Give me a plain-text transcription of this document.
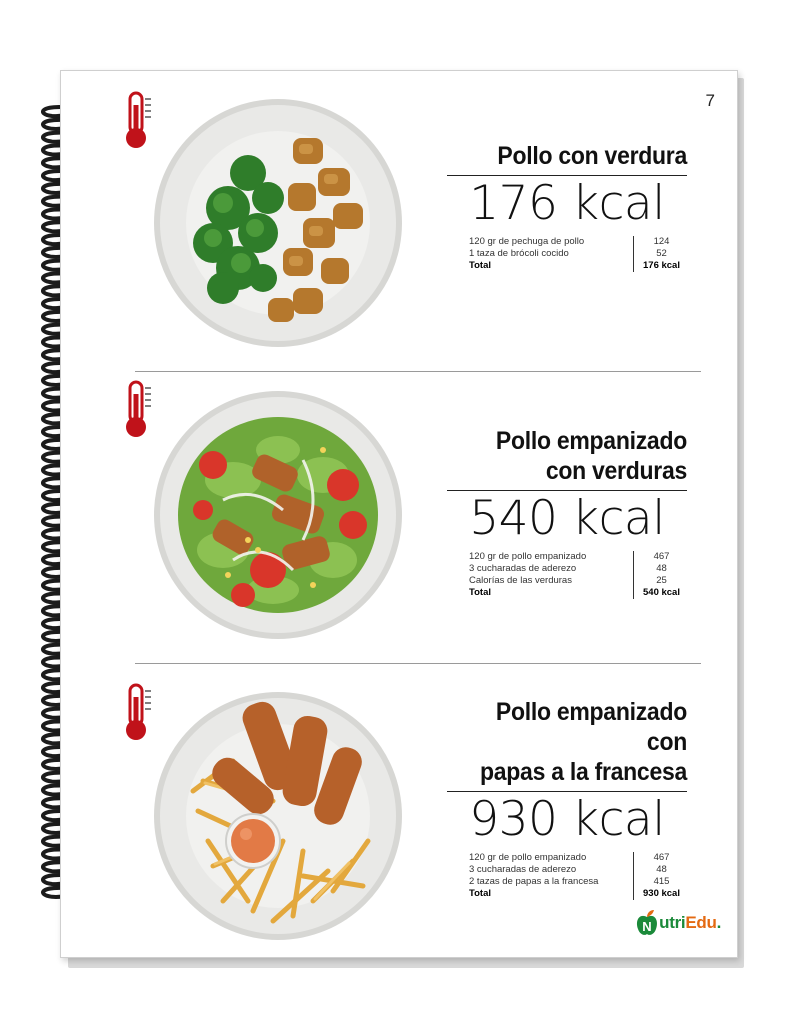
7
Pollo con verdura
176 kcal
120 gr de pechuga de pollo	124
1 taza de brócoli cocido	52
Total	176 kcal
Pollo empanizado
con verduras
540 kcal
120 gr de pollo empanizado	467
3 cucharadas de aderezo	48
Calorías de las verduras	25
Total	540 kcal
Pollo empanizado con
papas a la francesa
930 kcal
120 gr de pollo empanizado	467
3 cucharadas de aderezo	48
2 tazas de papas a la francesa	415
Total	930 kcal
N utriEdu.
